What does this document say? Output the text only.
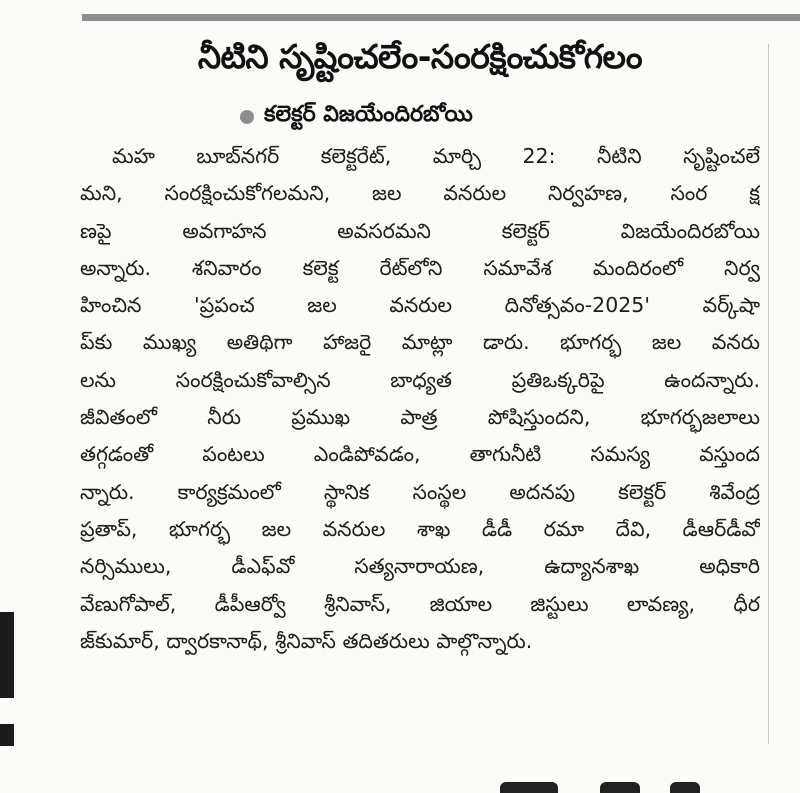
నీటిని సృష్టించలేం-సంరక్షించుకోగలం
కలెక్టర్ విజయేందిరబోయి
మహ బూబ్‌నగర్ కలెక్టరేట్, మార్చి 22: నీటిని సృష్టించలే
మని, సంరక్షించుకోగలమని, జల వనరుల నిర్వహణ, సంర క్ష
ణపై అవగాహన అవసరమని కలెక్టర్ విజయేందిరబోయి
అన్నారు. శనివారం కలెక్ట రేట్‌లోని సమావేశ మందిరంలో నిర్వ
హించిన 'ప్రపంచ జల వనరుల దినోత్సవం-2025' వర్క్‌షా
ప్‌కు ముఖ్య అతిథిగా హాజరై మాట్లా డారు. భూగర్భ జల వనరు
లను సంరక్షించుకోవాల్సిన బాధ్యత ప్రతిఒక్కరిపై ఉందన్నారు.
జీవితంలో నీరు ప్రముఖ పాత్ర పోషిస్తుందని, భూగర్భజలాలు
తగ్గడంతో పంటలు ఎండిపోవడం, తాగునీటి సమస్య వస్తుంద
న్నారు. కార్యక్రమంలో స్థానిక సంస్థల అదనపు కలెక్టర్ శివేంద్ర
ప్రతాప్, భూగర్భ జల వనరుల శాఖ డీడీ రమా దేవి, డీఆర్‌డీవో
నర్సిములు, డీఎఫ్‌వో సత్యనారాయణ, ఉద్యానశాఖ అధికారి
వేణుగోపాల్, డీపీఆర్వో శ్రీనివాస్, జియాల జిస్టులు లావణ్య, ధీర
జ్‌కుమార్, ద్వారకానాథ్, శ్రీనివాస్ తదితరులు పాల్గొన్నారు.
